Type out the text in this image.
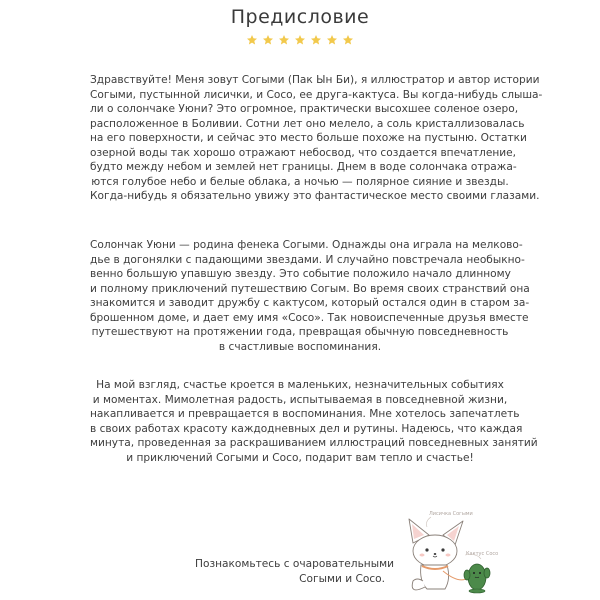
Предисловие
Здравствуйте! Меня зовут Согыми (Пак Ын Би), я иллюстратор и автор истории
Согыми, пустынной лисички, и Сосо, ее друга-кактуса. Вы когда-нибудь слыша-
ли о солончаке Уюни? Это огромное, практически высохшее соленое озеро,
расположенное в Боливии. Сотни лет оно мелело, а соль кристаллизовалась
на его поверхности, и сейчас это место больше похоже на пустыню. Остатки
озерной воды так хорошо отражают небосвод, что создается впечатление,
будто между небом и землей нет границы. Днем в воде солончака отража-
ются голубое небо и белые облака, а ночью — полярное сияние и звезды.
Когда-нибудь я обязательно увижу это фантастическое место своими глазами.
Солончак Уюни — родина фенека Согыми. Однажды она играла на мелково-
дье в догонялки с падающими звездами. И случайно повстречала необыкно-
венно большую упавшую звезду. Это событие положило начало длинному
и полному приключений путешествию Согым. Во время своих странствий она
знакомится и заводит дружбу с кактусом, который остался один в старом за-
брошенном доме, и дает ему имя «Сосо». Так новоиспеченные друзья вместе
путешествуют на протяжении года, превращая обычную повседневность
в счастливые воспоминания.
На мой взгляд, счастье кроется в маленьких, незначительных событиях
и моментах. Мимолетная радость, испытываемая в повседневной жизни,
накапливается и превращается в воспоминания. Мне хотелось запечатлеть
в своих работах красоту каждодневных дел и рутины. Надеюсь, что каждая
минута, проведенная за раскрашиванием иллюстраций повседневных занятий
и приключений Согыми и Сосо, подарит вам тепло и счастье!
Познакомьтесь с очаровательными
Согыми и Сосо.
Лисичка Согыми
Кактус Сосо
